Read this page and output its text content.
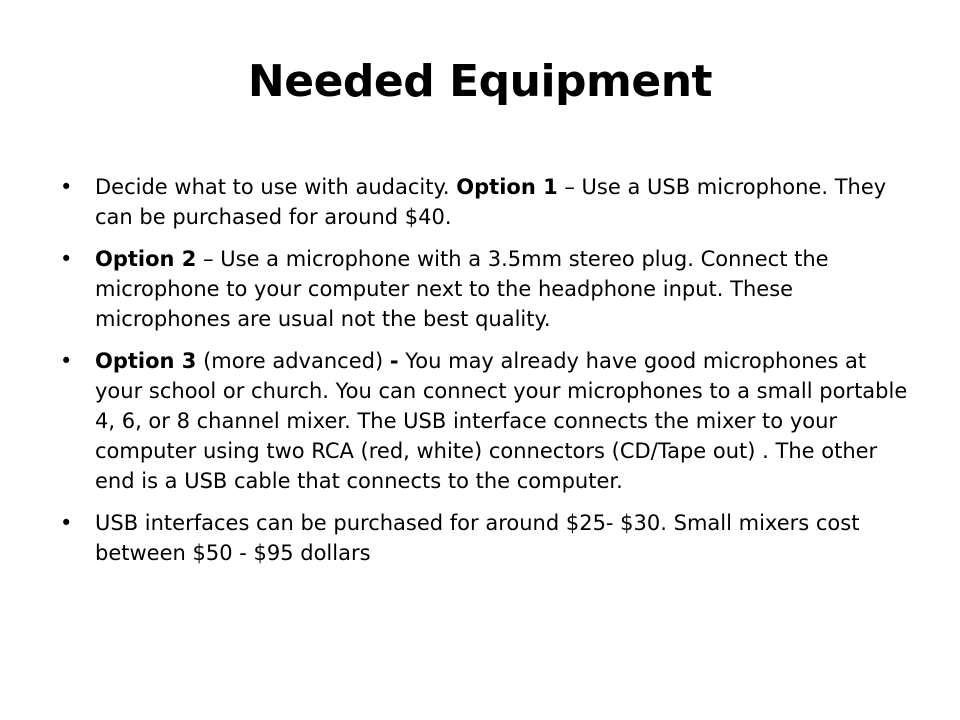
Needed Equipment
• Decide what to use with audacity. Option 1 – Use a USB microphone. They can be purchased for around $40.
• Option 2 – Use a microphone with a 3.5mm stereo plug. Connect the microphone to your computer next to the headphone input. These microphones are usual not the best quality.
• Option 3 (more advanced) - You may already have good microphones at your school or church. You can connect your microphones to a small portable 4, 6, or 8 channel mixer. The USB interface connects the mixer to your computer using two RCA (red, white) connectors (CD/Tape out) . The other end is a USB cable that connects to the computer.
• USB interfaces can be purchased for around $25- $30. Small mixers cost between $50 - $95 dollars
